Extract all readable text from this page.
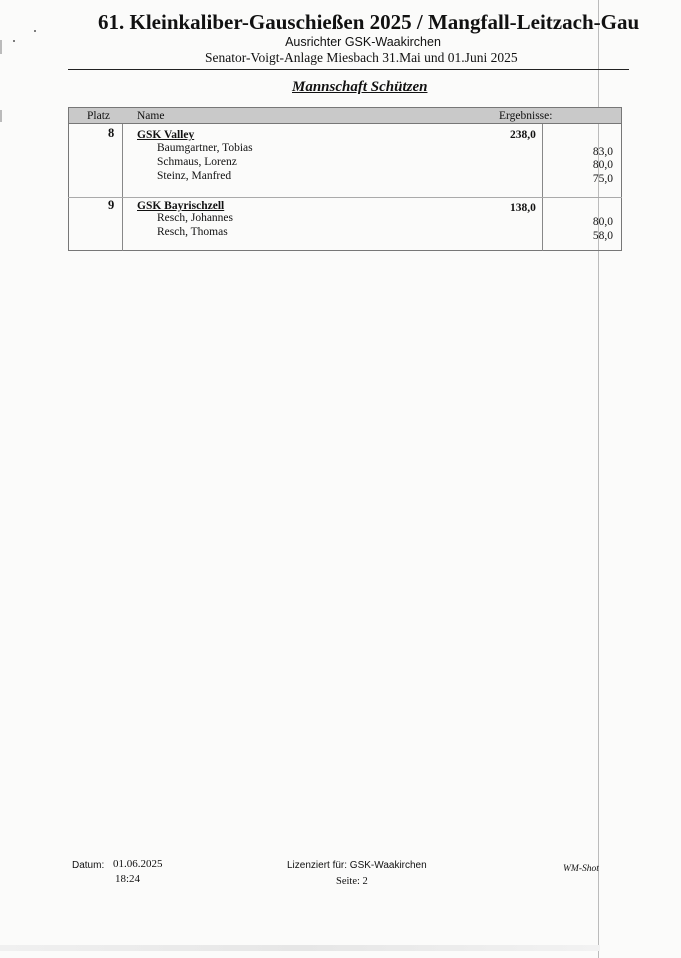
61. Kleinkaliber-Gauschießen 2025 / Mangfall-Leitzach-Gau
Ausrichter GSK-Waakirchen
Senator-Voigt-Anlage Miesbach 31.Mai und 01.Juni 2025
Mannschaft Schützen
Platz Name	Ergebnisse:
8 GSK Valley	238,0
Baumgartner, Tobias	83,0
Schmaus, Lorenz	80,0
Steinz, Manfred	75,0
9 GSK Bayrischzell	138,0
Resch, Johannes	80,0
Resch, Thomas	58,0
Datum: 01.06.2025
18:24
Lizenziert für: GSK-Waakirchen
Seite: 2
WM-Shot
